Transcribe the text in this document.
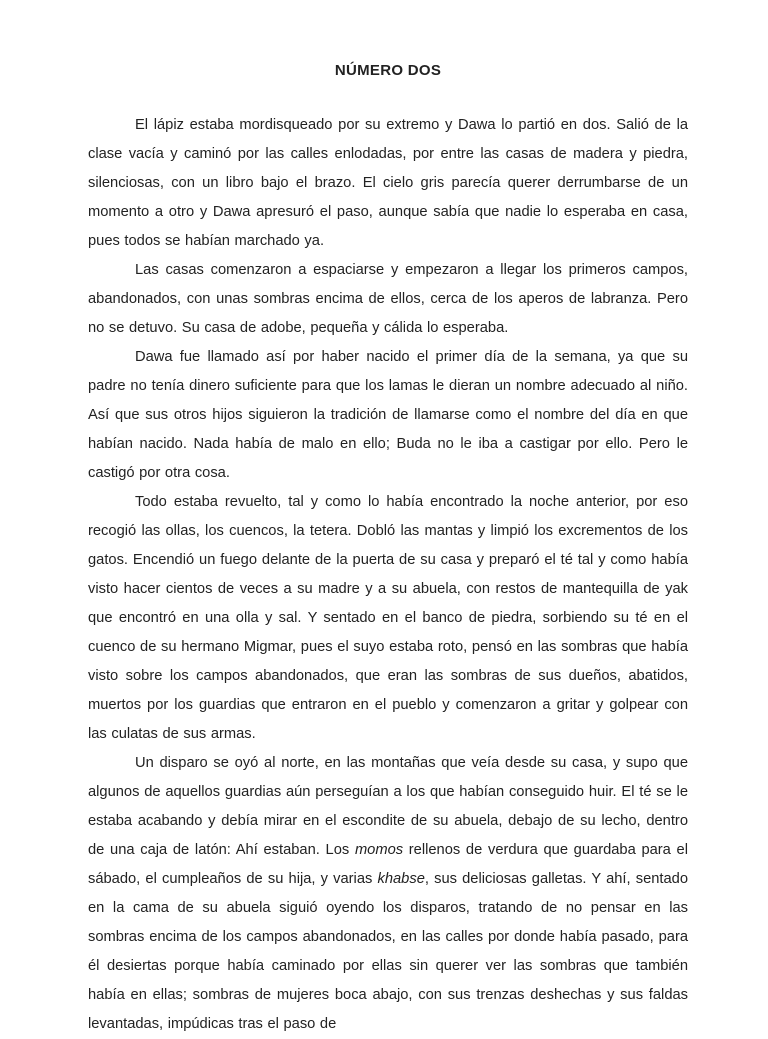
NÚMERO DOS

El lápiz estaba mordisqueado por su extremo y Dawa lo partió en dos. Salió de la clase vacía y caminó por las calles enlodadas, por entre las casas de madera y piedra, silenciosas, con un libro bajo el brazo. El cielo gris parecía querer derrumbarse de un momento a otro y Dawa apresuró el paso, aunque sabía que nadie lo esperaba en casa, pues todos se habían marchado ya.

Las casas comenzaron a espaciarse y empezaron a llegar los primeros campos, abandonados, con unas sombras encima de ellos, cerca de los aperos de labranza. Pero no se detuvo. Su casa de adobe, pequeña y cálida lo esperaba.

Dawa fue llamado así por haber nacido el primer día de la semana, ya que su padre no tenía dinero suficiente para que los lamas le dieran un nombre adecuado al niño. Así que sus otros hijos siguieron la tradición de llamarse como el nombre del día en que habían nacido. Nada había de malo en ello; Buda no le iba a castigar por ello. Pero le castigó por otra cosa.

Todo estaba revuelto, tal y como lo había encontrado la noche anterior, por eso recogió las ollas, los cuencos, la tetera. Dobló las mantas y limpió los excrementos de los gatos. Encendió un fuego delante de la puerta de su casa y preparó el té tal y como había visto hacer cientos de veces a su madre y a su abuela, con restos de mantequilla de yak que encontró en una olla y sal. Y sentado en el banco de piedra, sorbiendo su té en el cuenco de su hermano Migmar, pues el suyo estaba roto, pensó en las sombras que había visto sobre los campos abandonados, que eran las sombras de sus dueños, abatidos, muertos por los guardias que entraron en el pueblo y comenzaron a gritar y golpear con las culatas de sus armas.

Un disparo se oyó al norte, en las montañas que veía desde su casa, y supo que algunos de aquellos guardias aún perseguían a los que habían conseguido huir. El té se le estaba acabando y debía mirar en el escondite de su abuela, debajo de su lecho, dentro de una caja de latón: Ahí estaban. Los momos rellenos de verdura que guardaba para el sábado, el cumpleaños de su hija, y varias khabse, sus deliciosas galletas. Y ahí, sentado en la cama de su abuela siguió oyendo los disparos, tratando de no pensar en las sombras encima de los campos abandonados, en las calles por donde había pasado, para él desiertas porque había caminado por ellas sin querer ver las sombras que también había en ellas; sombras de mujeres boca abajo, con sus trenzas deshechas y sus faldas levantadas, impúdicas tras el paso de
